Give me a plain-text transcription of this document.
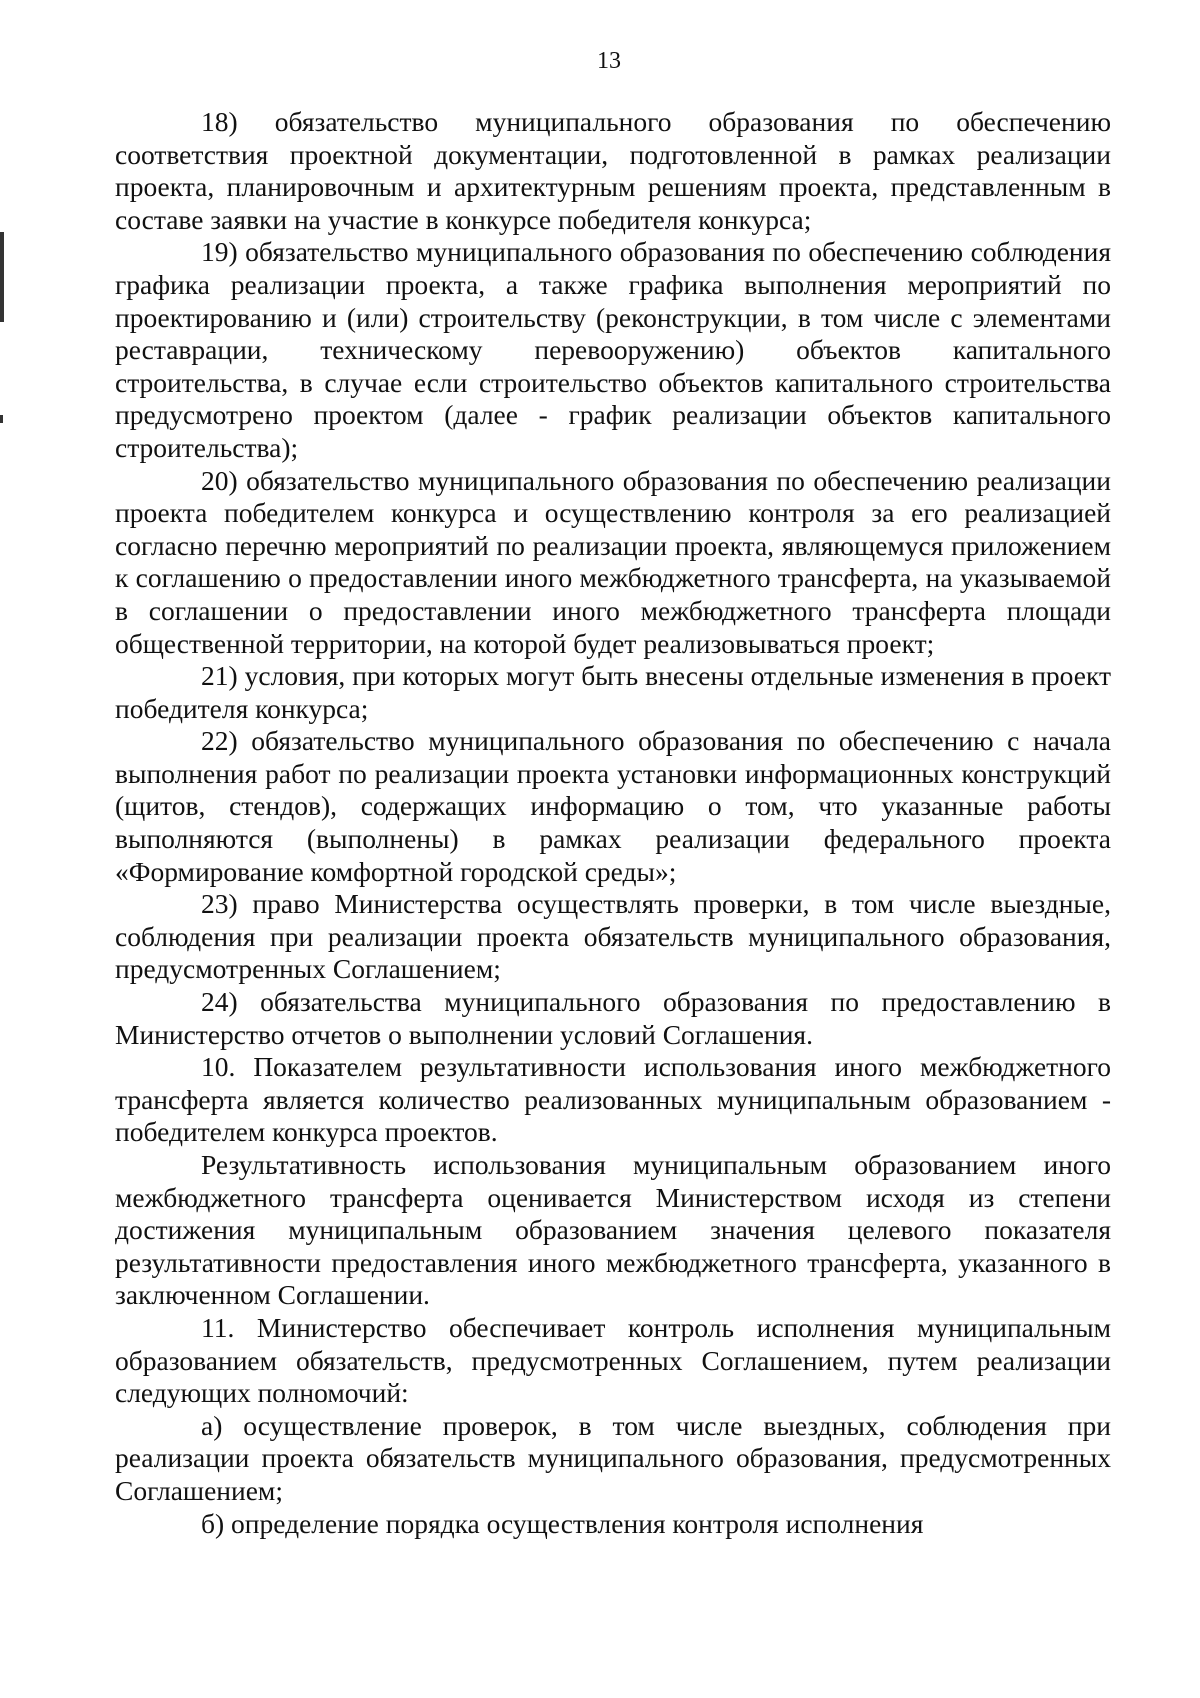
13

18) обязательство муниципального образования по обеспечению соответствия проектной документации, подготовленной в рамках реализации проекта, планировочным и архитектурным решениям проекта, представленным в составе заявки на участие в конкурсе победителя конкурса;

19) обязательство муниципального образования по обеспечению соблюдения графика реализации проекта, а также графика выполнения мероприятий по проектированию и (или) строительству (реконструкции, в том числе с элементами реставрации, техническому перевооружению) объектов капитального строительства, в случае если строительство объектов капитального строительства предусмотрено проектом (далее - график реализации объектов капитального строительства);

20) обязательство муниципального образования по обеспечению реализации проекта победителем конкурса и осуществлению контроля за его реализацией согласно перечню мероприятий по реализации проекта, являющемуся приложением к соглашению о предоставлении иного межбюджетного трансферта, на указываемой в соглашении о предоставлении иного межбюджетного трансферта площади общественной территории, на которой будет реализовываться проект;

21) условия, при которых могут быть внесены отдельные изменения в проект победителя конкурса;

22) обязательство муниципального образования по обеспечению с начала выполнения работ по реализации проекта установки информационных конструкций (щитов, стендов), содержащих информацию о том, что указанные работы выполняются (выполнены) в рамках реализации федерального проекта «Формирование комфортной городской среды»;

23) право Министерства осуществлять проверки, в том числе выездные, соблюдения при реализации проекта обязательств муниципального образования, предусмотренных Соглашением;

24) обязательства муниципального образования по предоставлению в Министерство отчетов о выполнении условий Соглашения.

10. Показателем результативности использования иного межбюджетного трансферта является количество реализованных муниципальным образованием - победителем конкурса проектов.

Результативность использования муниципальным образованием иного межбюджетного трансферта оценивается Министерством исходя из степени достижения муниципальным образованием значения целевого показателя результативности предоставления иного межбюджетного трансферта, указанного в заключенном Соглашении.

11. Министерство обеспечивает контроль исполнения муниципальным образованием обязательств, предусмотренных Соглашением, путем реализации следующих полномочий:

а) осуществление проверок, в том числе выездных, соблюдения при реализации проекта обязательств муниципального образования, предусмотренных Соглашением;

б) определение порядка осуществления контроля исполнения
